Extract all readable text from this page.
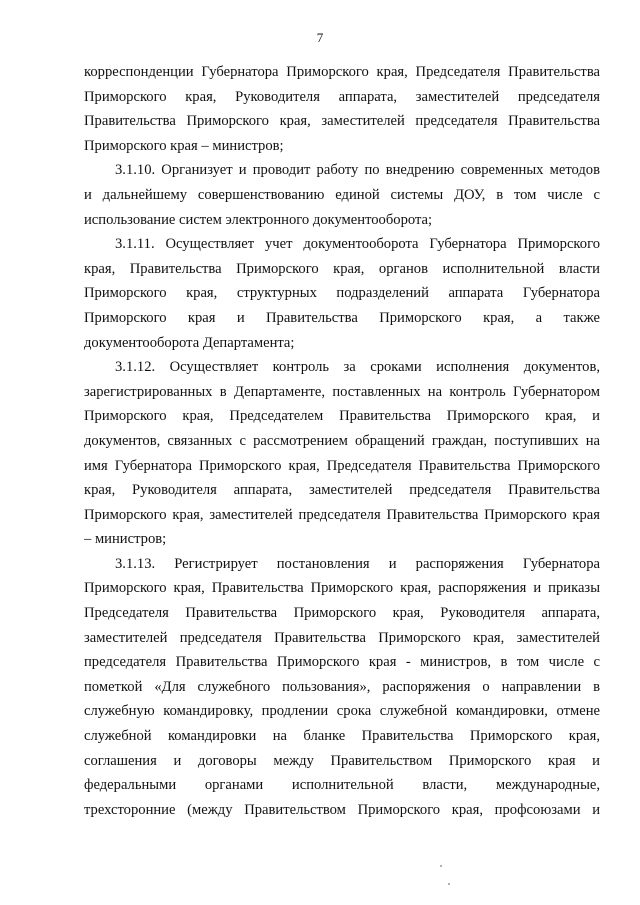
7
корреспонденции Губернатора Приморского края, Председателя Правительства
Приморского края, Руководителя аппарата, заместителей председателя
Правительства Приморского края, заместителей председателя Правительства
Приморского края – министров;
3.1.10. Организует и проводит работу по внедрению современных методов
и дальнейшему совершенствованию единой системы ДОУ, в том числе с
использование систем электронного документооборота;
3.1.11. Осуществляет учет документооборота Губернатора Приморского
края, Правительства Приморского края, органов исполнительной власти
Приморского края, структурных подразделений аппарата Губернатора
Приморского края и Правительства Приморского края, а также
документооборота Департамента;
3.1.12. Осуществляет контроль за сроками исполнения документов,
зарегистрированных в Департаменте, поставленных на контроль Губернатором
Приморского края, Председателем Правительства Приморского края, и
документов, связанных с рассмотрением обращений граждан, поступивших на
имя Губернатора Приморского края, Председателя Правительства Приморского
края, Руководителя аппарата, заместителей председателя Правительства
Приморского края, заместителей председателя Правительства Приморского края
– министров;
3.1.13. Регистрирует постановления и распоряжения Губернатора
Приморского края, Правительства Приморского края, распоряжения и приказы
Председателя Правительства Приморского края, Руководителя аппарата,
заместителей председателя Правительства Приморского края, заместителей
председателя Правительства Приморского края - министров, в том числе с
пометкой «Для служебного пользования», распоряжения о направлении в
служебную командировку, продлении срока служебной командировки, отмене
служебной командировки на бланке Правительства Приморского края,
соглашения и договоры между Правительством Приморского края и
федеральными органами исполнительной власти, международные,
трехсторонние (между Правительством Приморского края, профсоюзами и
